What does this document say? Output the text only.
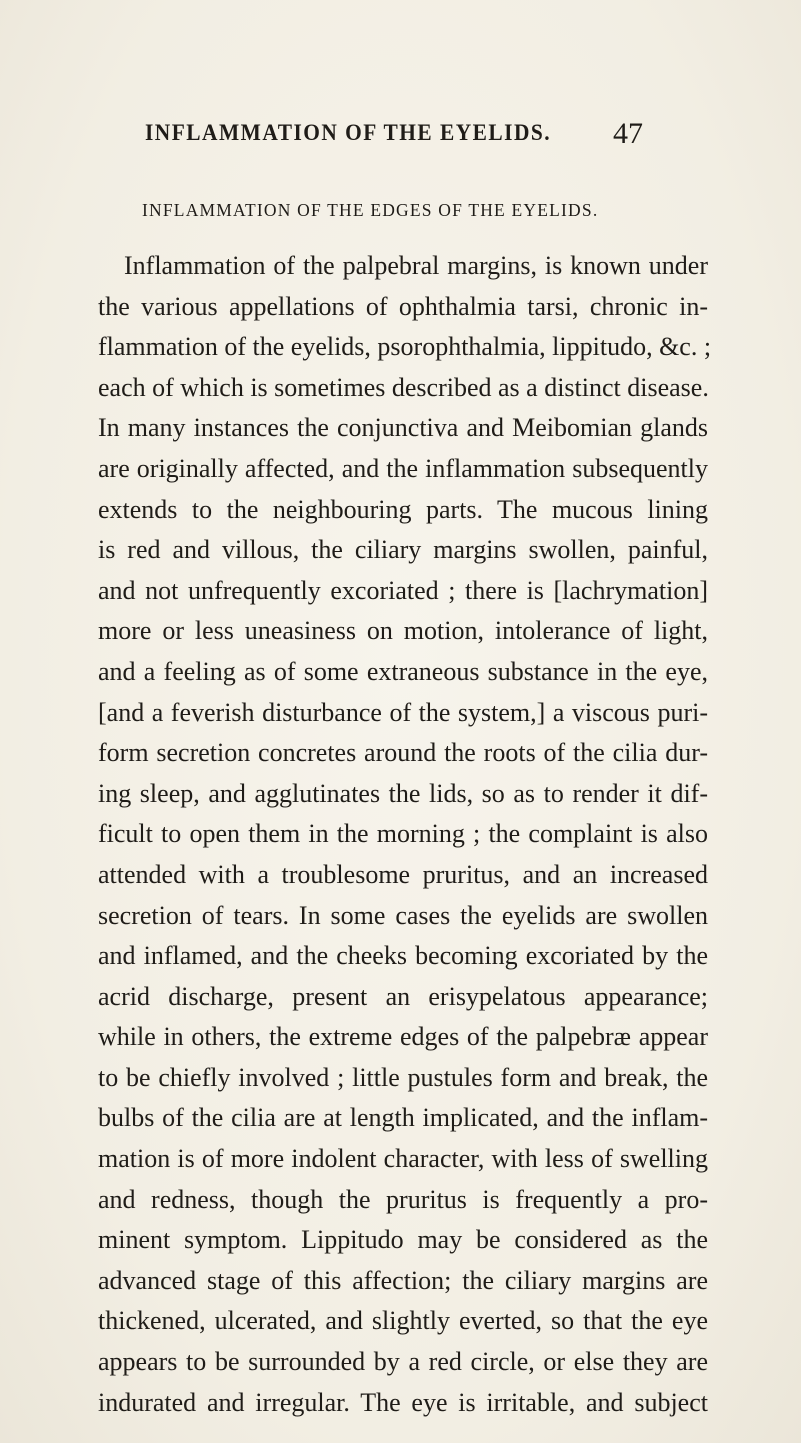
INFLAMMATION OF THE EYELIDS.	47
INFLAMMATION OF THE EDGES OF THE EYELIDS.
Inflammation of the palpebral margins, is known under
the various appellations of ophthalmia tarsi, chronic in-
flammation of the eyelids, psorophthalmia, lippitudo, &c. ;
each of which is sometimes described as a distinct disease.
In many instances the conjunctiva and Meibomian glands
are originally affected, and the inflammation subsequently
extends to the neighbouring parts. The mucous lining
is red and villous, the ciliary margins swollen, painful,
and not unfrequently excoriated ; there is [lachrymation]
more or less uneasiness on motion, intolerance of light,
and a feeling as of some extraneous substance in the eye,
[and a feverish disturbance of the system,] a viscous puri-
form secretion concretes around the roots of the cilia dur-
ing sleep, and agglutinates the lids, so as to render it dif-
ficult to open them in the morning ; the complaint is also
attended with a troublesome pruritus, and an increased
secretion of tears. In some cases the eyelids are swollen
and inflamed, and the cheeks becoming excoriated by the
acrid discharge, present an erisypelatous appearance;
while in others, the extreme edges of the palpebræ appear
to be chiefly involved ; little pustules form and break, the
bulbs of the cilia are at length implicated, and the inflam-
mation is of more indolent character, with less of swelling
and redness, though the pruritus is frequently a pro-
minent symptom. Lippitudo may be considered as the
advanced stage of this affection; the ciliary margins are
thickened, ulcerated, and slightly everted, so that the eye
appears to be surrounded by a red circle, or else they are
indurated and irregular. The eye is irritable, and subject
